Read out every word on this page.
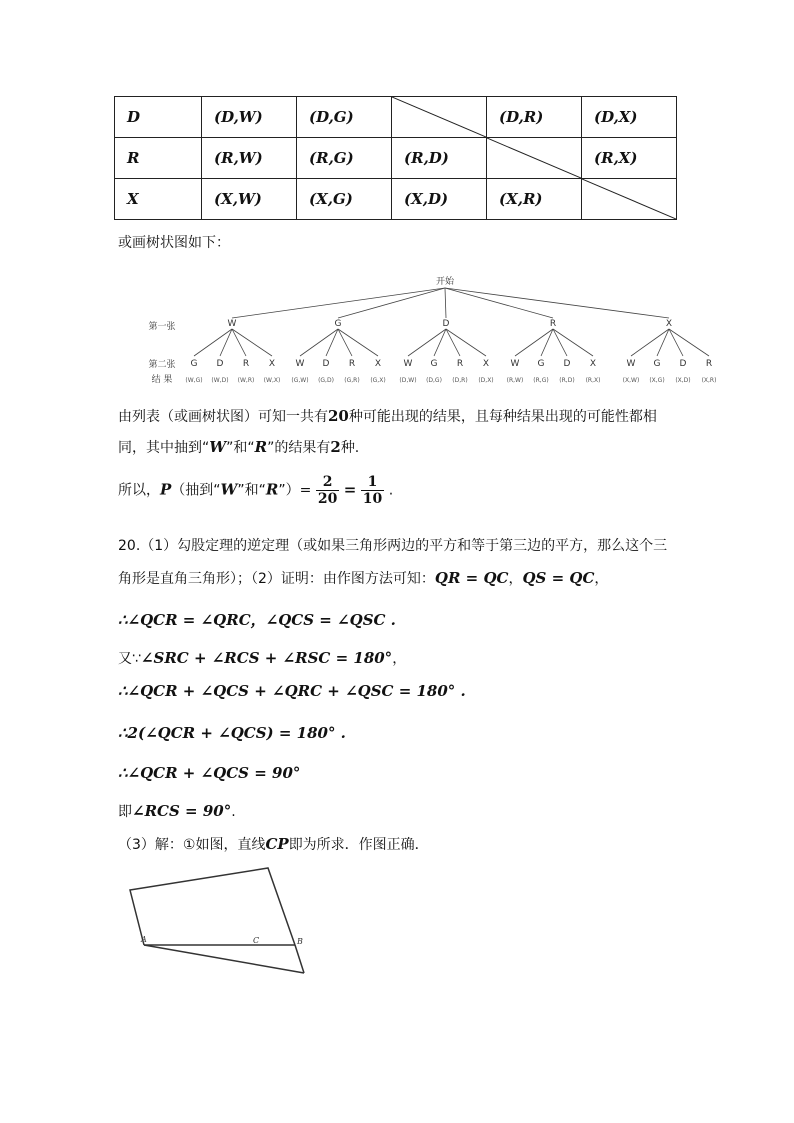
D	(D,W)	(D,G)		(D,R)	(D,X)
R	(R,W)	(R,G)	(R,D)		(R,X)
X	(X,W)	(X,G)	(X,D)	(X,R)	
或画树状图如下：
开始
第一张
第二张
结 果
W
G
(W,G)
D
(W,D)
R
(W,R)
X
(W,X)
G
W
(G,W)
D
(G,D)
R
(G,R)
X
(G,X)
D
W
(D,W)
G
(D,G)
R
(D,R)
X
(D,X)
R
W
(R,W)
G
(R,G)
D
(R,D)
X
(R,X)
X
W
(X,W)
G
(X,G)
D
(X,D)
R
(X,R)
由列表（或画树状图）可知一共有20种可能出现的结果，且每种结果出现的可能性都相
同，其中抽到“W”和“R”的结果有2种.
所以，P（抽到“W”和“R”）= $\frac{2}{20} = \frac{1}{10}$ .
20.（1）勾股定理的逆定理（或如果三角形两边的平方和等于第三边的平方，那么这个三
角形是直角三角形）；（2）证明：由作图方法可知：QR = QC，QS = QC，
∴∠QCR = ∠QRC，∠QCS = ∠QSC .
又∵∠SRC + ∠RCS + ∠RSC = 180°，
∴∠QCR + ∠QCS + ∠QRC + ∠QSC = 180° .
∴2(∠QCR + ∠QCS) = 180° .
∴∠QCR + ∠QCS = 90°
即∠RCS = 90°.
（3）解：①如图，直线CP即为所求．作图正确．
A	C	B
